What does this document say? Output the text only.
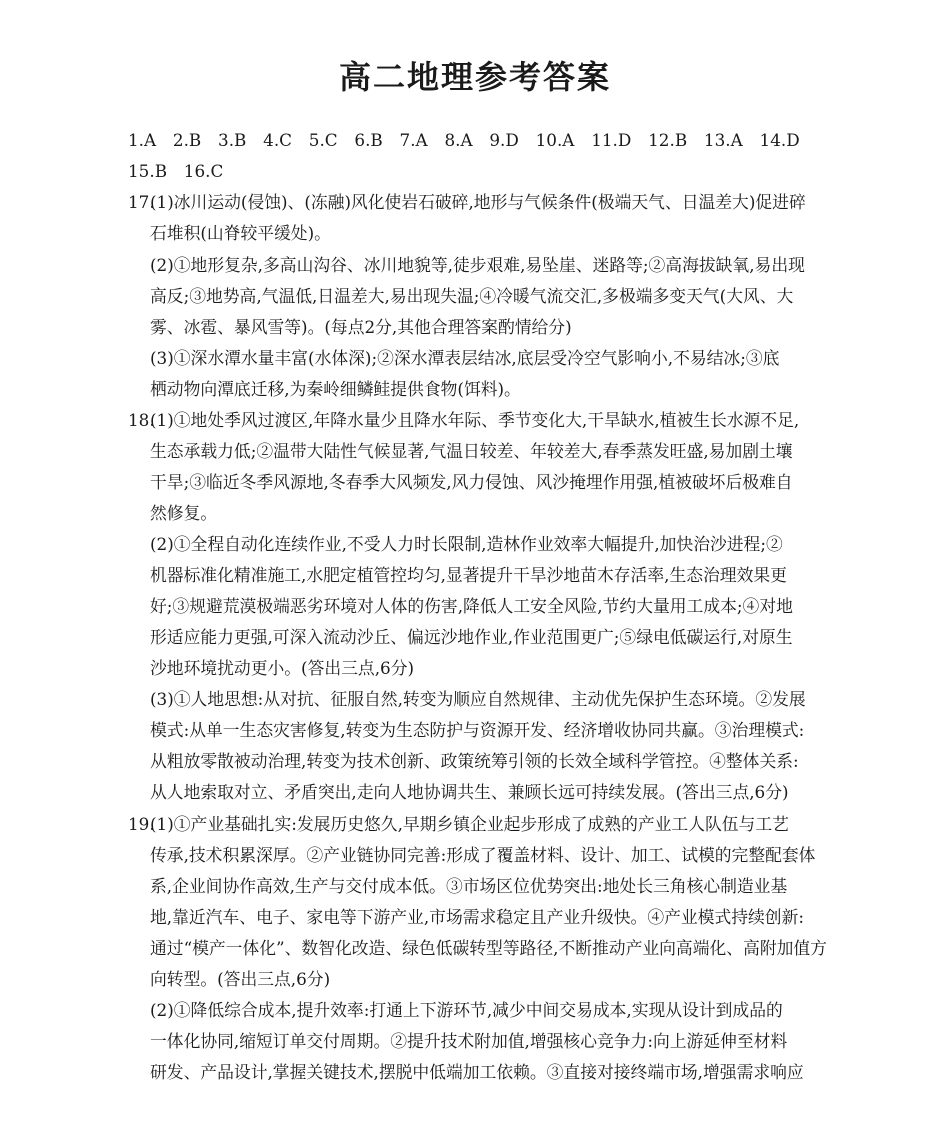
高二地理参考答案
1.A　2.B　3.B　4.C　5.C　6.B　7.A　8.A　9.D　10.A　11.D　12.B　13.A　14.D
15.B　16.C
17.
(1)冰川运动(侵蚀)、(冻融)风化使岩石破碎,地形与气候条件(极端天气、日温差大)促进碎
石堆积(山脊较平缓处)。
(2)①地形复杂,多高山沟谷、冰川地貌等,徒步艰难,易坠崖、迷路等;②高海拔缺氧,易出现
高反;③地势高,气温低,日温差大,易出现失温;④冷暖气流交汇,多极端多变天气(大风、大
雾、冰雹、暴风雪等)。(每点2分,其他合理答案酌情给分)
(3)①深水潭水量丰富(水体深);②深水潭表层结冰,底层受冷空气影响小,不易结冰;③底
栖动物向潭底迁移,为秦岭细鳞鲑提供食物(饵料)。
18.
(1)①地处季风过渡区,年降水量少且降水年际、季节变化大,干旱缺水,植被生长水源不足,
生态承载力低;②温带大陆性气候显著,气温日较差、年较差大,春季蒸发旺盛,易加剧土壤
干旱;③临近冬季风源地,冬春季大风频发,风力侵蚀、风沙掩埋作用强,植被破坏后极难自
然修复。
(2)①全程自动化连续作业,不受人力时长限制,造林作业效率大幅提升,加快治沙进程;②
机器标准化精准施工,水肥定植管控均匀,显著提升干旱沙地苗木存活率,生态治理效果更
好;③规避荒漠极端恶劣环境对人体的伤害,降低人工安全风险,节约大量用工成本;④对地
形适应能力更强,可深入流动沙丘、偏远沙地作业,作业范围更广;⑤绿电低碳运行,对原生
沙地环境扰动更小。(答出三点,6分)
(3)①人地思想:从对抗、征服自然,转变为顺应自然规律、主动优先保护生态环境。②发展
模式:从单一生态灾害修复,转变为生态防护与资源开发、经济增收协同共赢。③治理模式:
从粗放零散被动治理,转变为技术创新、政策统筹引领的长效全域科学管控。④整体关系:
从人地索取对立、矛盾突出,走向人地协调共生、兼顾长远可持续发展。(答出三点,6分)
19.
(1)①产业基础扎实:发展历史悠久,早期乡镇企业起步形成了成熟的产业工人队伍与工艺
传承,技术积累深厚。②产业链协同完善:形成了覆盖材料、设计、加工、试模的完整配套体
系,企业间协作高效,生产与交付成本低。③市场区位优势突出:地处长三角核心制造业基
地,靠近汽车、电子、家电等下游产业,市场需求稳定且产业升级快。④产业模式持续创新:
通过“模产一体化”、数智化改造、绿色低碳转型等路径,不断推动产业向高端化、高附加值方
向转型。(答出三点,6分)
(2)①降低综合成本,提升效率:打通上下游环节,减少中间交易成本,实现从设计到成品的
一体化协同,缩短订单交付周期。②提升技术附加值,增强核心竞争力:向上游延伸至材料
研发、产品设计,掌握关键技术,摆脱中低端加工依赖。③直接对接终端市场,增强需求响应
